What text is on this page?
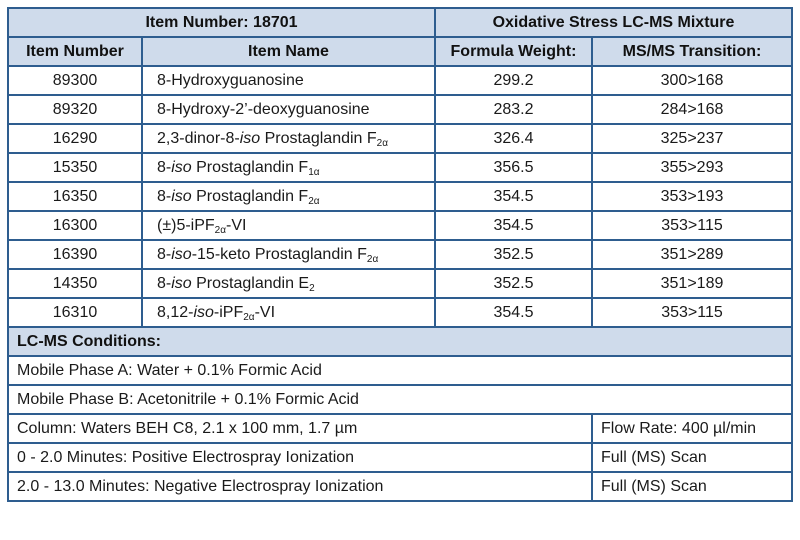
Item Number: 18701		Oxidative Stress LC-MS Mixture	
Item Number	Item Name	Formula Weight:	MS/MS Transition:
89300	8-Hydroxyguanosine	299.2	300>168
89320	8-Hydroxy-2’-deoxyguanosine	283.2	284>168
16290	2,3-dinor-8-iso Prostaglandin $F_{2\alpha}$	326.4	325>237
15350	8-iso Prostaglandin $F_{1\alpha}$	356.5	355>293
16350	8-iso Prostaglandin $F_{2\alpha}$	354.5	353>193
16300	(±)5-iPF$_{2\alpha}$-VI	354.5	353>115
16390	8-iso-15-keto Prostaglandin $F_{2\alpha}$	352.5	351>289
14350	8-iso Prostaglandin $E_2$	352.5	351>189
16310	8,12-iso-iPF$_{2\alpha}$-VI	354.5	353>115
LC-MS Conditions:			
Mobile Phase A: Water + 0.1% Formic Acid			
Mobile Phase B: Acetonitrile + 0.1% Formic Acid			
Column: Waters BEH C8, 2.1 x 100 mm, 1.7 µm			Flow Rate: 400 µl/min
0 - 2.0 Minutes: Positive Electrospray Ionization			Full (MS) Scan
2.0 - 13.0 Minutes: Negative Electrospray Ionization			Full (MS) Scan
